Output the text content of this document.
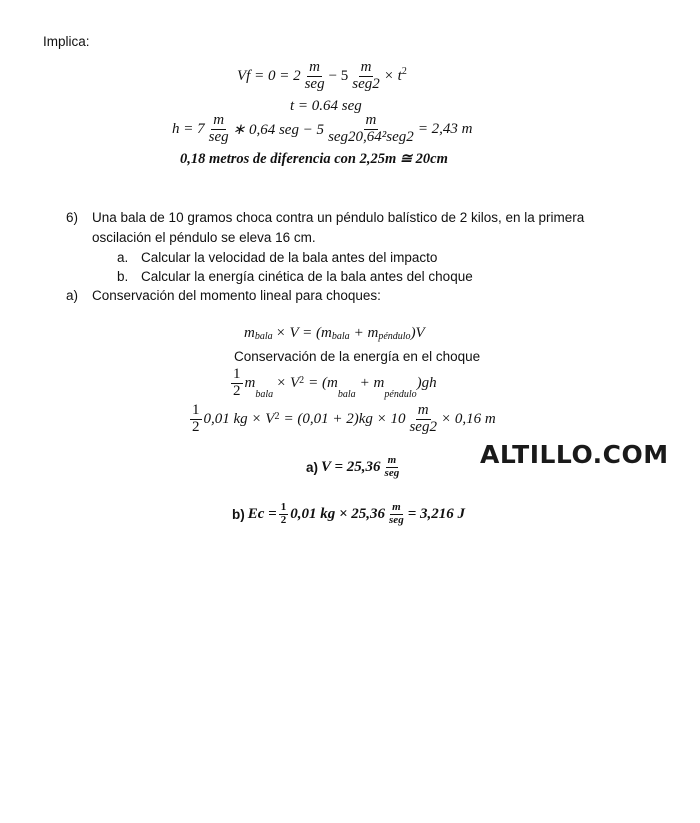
Implica:
$Vf = 0 = 2 \frac{m}{\text{seg}} - 5 \frac{m}{\text{seg2}} \times t^2$
t = 0.64 seg
$h = 7 \frac{m}{\text{seg}}$ ∗ 0,64 seg − $5 \frac{m}{\text{seg20,64²seg2}} = 2,43$ m
0,18 metros de diferencia con 2,25m ≅ 20cm
6) Una bala de 10 gramos choca contra un péndulo balístico de 2 kilos, en la primera
oscilación el péndulo se eleva 16 cm.
a. Calcular la velocidad de la bala antes del impacto
b. Calcular la energía cinética de la bala antes del choque
a) Conservación del momento lineal para choques:
$m_{bala} \times V = (m$ $_{bala} + m_{péndulo}$ )V
Conservación de la energía en el choque
$\frac{1}{2}$ m
$_{bala}$
× V 2 = (m
$_{bala}$
+ m
$_{péndulo}$
)gh
$\frac{1}{2} 0,01$ kg × V $2 = (0,01 + 2)kg \times 10 \frac{m}{\text{seg2}} \times 0,16$ m
a) $V = 25,36 \frac{m}{\text{seg}}$	ALTILLO.COM
b) $Ec = \frac{1}{2} 0,01$ kg × $25,36 \frac{m}{\text{seg}} = 3,216$ J
